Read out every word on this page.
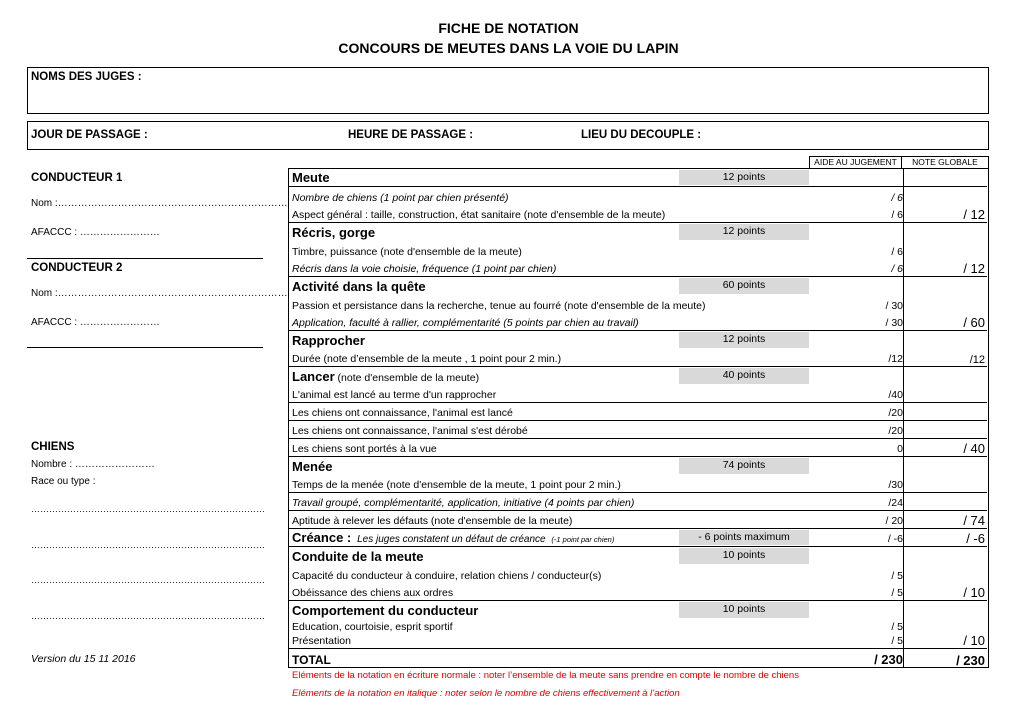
FICHE DE NOTATION
CONCOURS DE MEUTES DANS LA VOIE DU LAPIN
NOMS DES JUGES :
JOUR DE PASSAGE :	HEURE DE PASSAGE :	LIEU DU DECOUPLE :
CONDUCTEUR 1
Nom :……………………………………………………………
AFACCC : ……………………
CONDUCTEUR 2
Nom :……………………………………………………………
AFACCC : ……………………
CHIENS
Nombre : ……………………
Race ou type :
……………………………………………………………………
……………………………………………………………………
……………………………………………………………………
……………………………………………………………………
Version du 15 11 2016
AIDE AU JUGEMENT	NOTE GLOBALE
Meute	12 points
Nombre de chiens (1 point par chien présenté)	/ 6
Aspect général : taille, construction, état sanitaire (note d'ensemble de la meute)	/ 6	/ 12
Récris, gorge	12 points
Timbre, puissance (note d'ensemble de la meute)	/ 6
Récris dans la voie choisie, fréquence (1 point par chien)	/ 6	/ 12
Activité dans la quête	60 points
Passion et persistance dans la recherche, tenue au fourré (note d'ensemble de la meute)	/ 30
Application, faculté à rallier, complémentarité (5 points par chien au travail)	/ 30	/ 60
Rapprocher	12 points
Durée (note d’ensemble de la meute , 1 point pour 2 min.)	/12	/12
Lancer (note d'ensemble de la meute)	40 points
L'animal est lancé au terme d'un rapprocher	/40
Les chiens ont connaissance, l'animal est lancé	/20
Les chiens ont connaissance, l'animal s'est dérobé	/20
Les chiens sont portés à la vue	0	/ 40
Menée	74 points
Temps de la menée (note d'ensemble de la meute, 1 point pour 2 min.)	/30
Travail groupé, complémentarité, application, initiative (4 points par chien)	/24
Aptitude à relever les défauts (note d'ensemble de la meute)	/ 20	/ 74
Créance : Les juges constatent un défaut de créance (-1 point par chien)	- 6 points maximum	/ -6	/ -6
Conduite de la meute	10 points
Capacité du conducteur à conduire, relation chiens / conducteur(s)	/ 5
Obéissance des chiens aux ordres	/ 5	/ 10
Comportement du conducteur	10 points
Education, courtoisie, esprit sportif	/ 5
Présentation	/ 5	/ 10
TOTAL	/ 230	/ 230
Eléments de la notation en écriture normale : noter l’ensemble de la meute sans prendre en compte le nombre de chiens
Eléments de la notation en italique : noter selon le nombre de chiens effectivement à l’action
